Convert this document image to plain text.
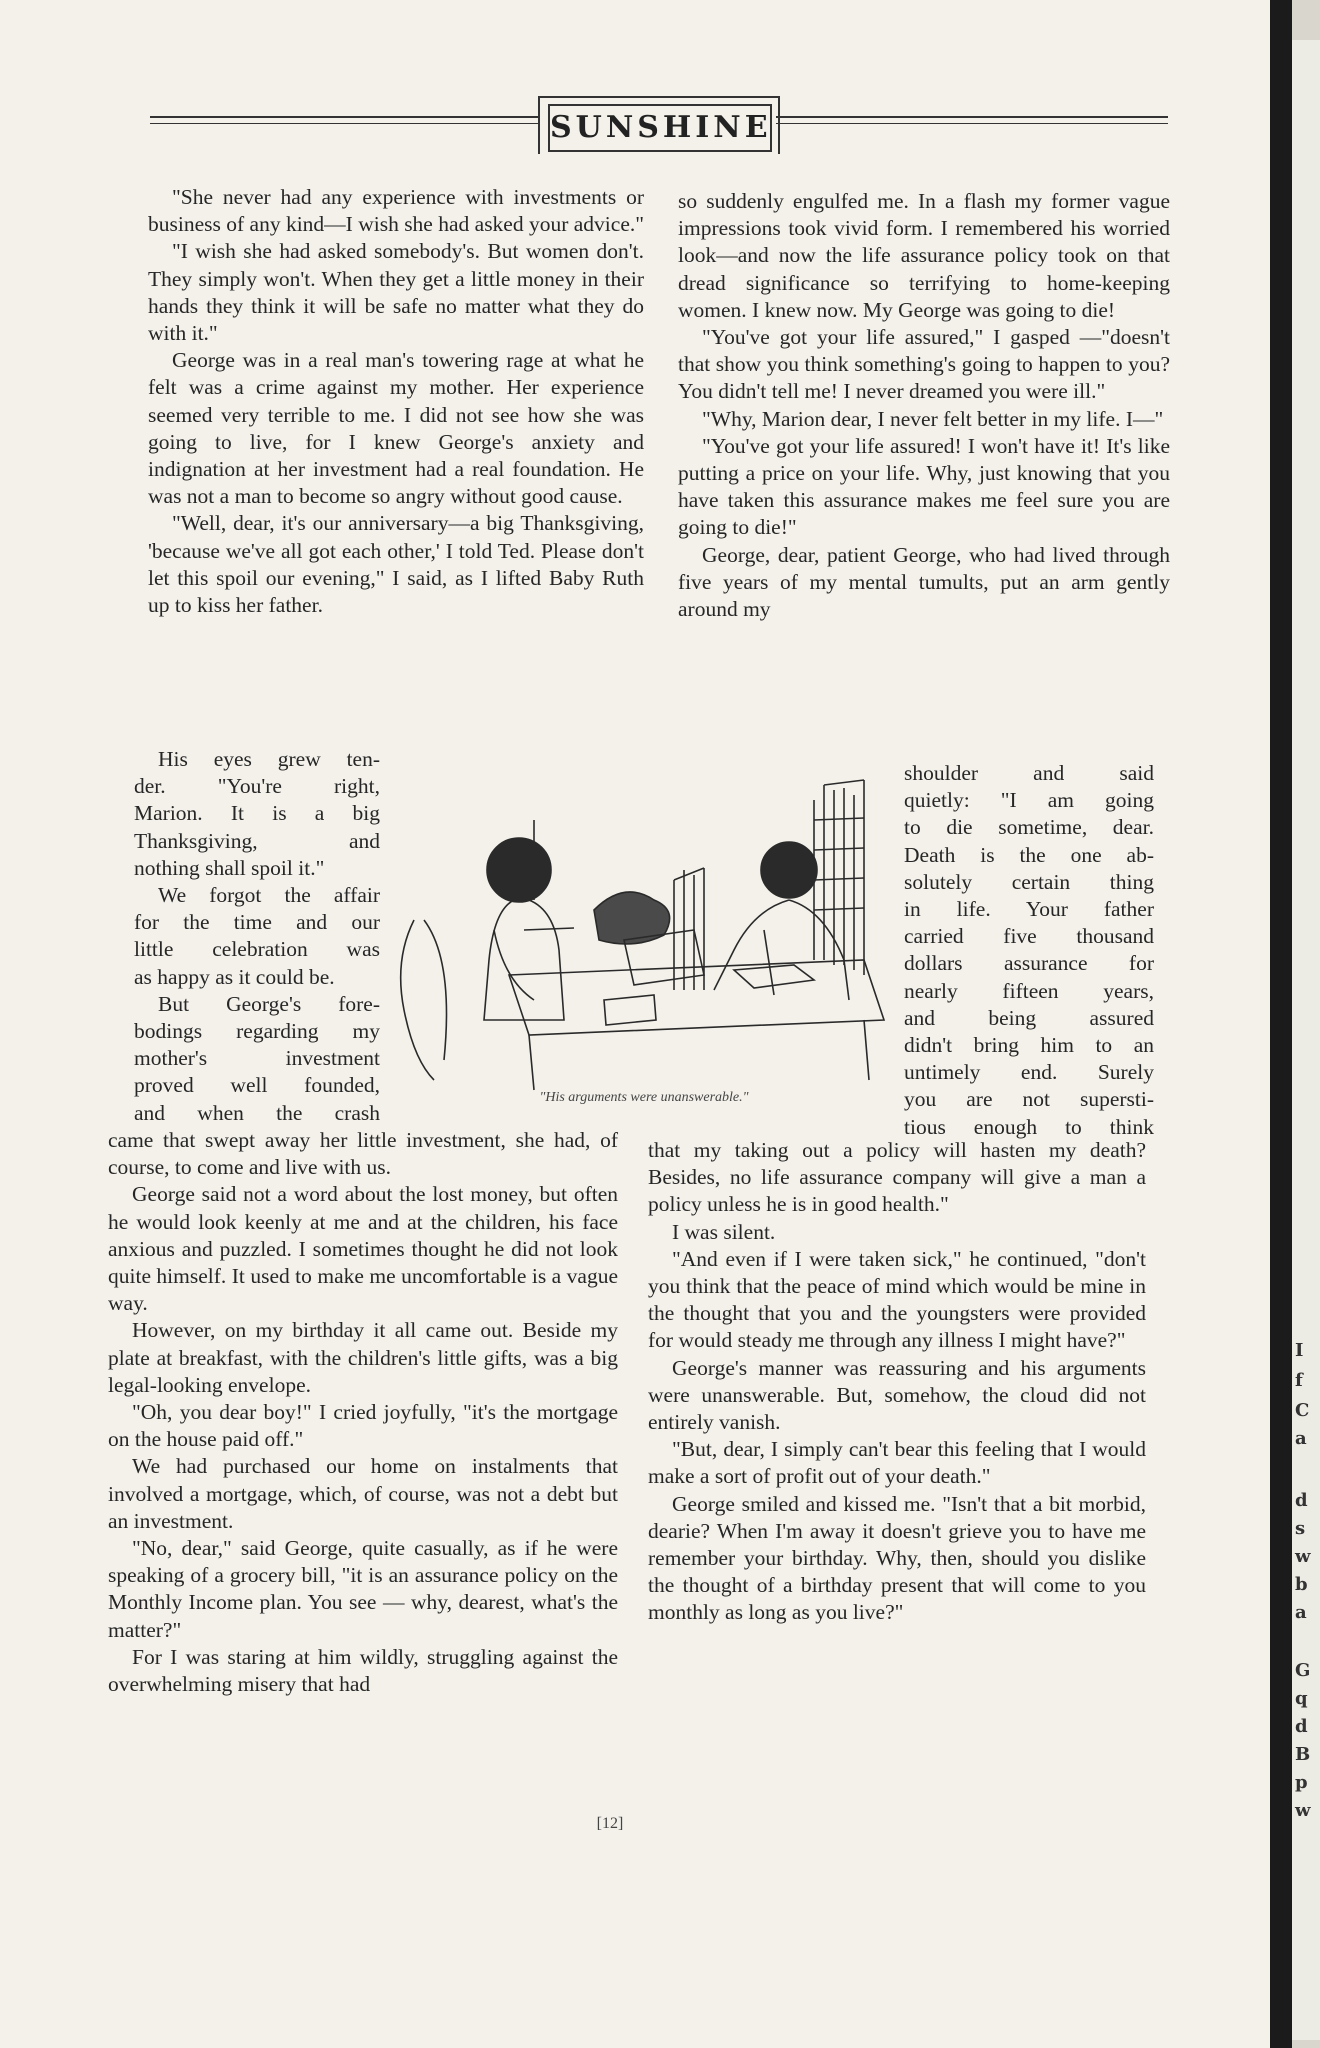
SUNSHINE

"She never had any experience with investments or business of any kind—I wish she had asked your advice."

"I wish she had asked somebody's. But women don't. They simply won't. When they get a little money in their hands they think it will be safe no matter what they do with it."

George was in a real man's towering rage at what he felt was a crime against my mother. Her experience seemed very terrible to me. I did not see how she was going to live, for I knew George's anxiety and indignation at her investment had a real foundation. He was not a man to become so angry without good cause.

"Well, dear, it's our anniversary—a big Thanksgiving, 'because we've all got each other,' I told Ted. Please don't let this spoil our evening," I said, as I lifted Baby Ruth up to kiss her father.

His eyes grew ten-
der. "You're right,
Marion. It is a big
Thanksgiving, and
nothing shall spoil it."
We forgot the affair
for the time and our
little celebration was
as happy as it could be.
But George's fore-
bodings regarding my
mother's investment
proved well founded,
and when the crash
"His arguments were unanswerable."

came that swept away her little investment, she had, of course, to come and live with us.

George said not a word about the lost money, but often he would look keenly at me and at the children, his face anxious and puzzled. I sometimes thought he did not look quite himself. It used to make me uncomfortable is a vague way.

However, on my birthday it all came out. Beside my plate at breakfast, with the children's little gifts, was a big legal-looking envelope.

"Oh, you dear boy!" I cried joyfully, "it's the mortgage on the house paid off."

We had purchased our home on instalments that involved a mortgage, which, of course, was not a debt but an investment.

"No, dear," said George, quite casually, as if he were speaking of a grocery bill, "it is an assurance policy on the Monthly Income plan. You see — why, dearest, what's the matter?"

For I was staring at him wildly, struggling against the overwhelming misery that had

so suddenly engulfed me. In a flash my former vague impressions took vivid form. I remembered his worried look—and now the life assurance policy took on that dread significance so terrifying to home-keeping women. I knew now. My George was going to die!

"You've got your life assured," I gasped —"doesn't that show you think something's going to happen to you? You didn't tell me! I never dreamed you were ill."

"Why, Marion dear, I never felt better in my life. I—"

"You've got your life assured! I won't have it! It's like putting a price on your life. Why, just knowing that you have taken this assurance makes me feel sure you are going to die!"

George, dear, patient George, who had lived through five years of my mental tumults, put an arm gently around my

shoulder and said
quietly: "I am going
to die sometime, dear.
Death is the one ab-
solutely certain thing
in life. Your father
carried five thousand
dollars assurance for
nearly fifteen years,
and being assured
didn't bring him to an
untimely end. Surely
you are not supersti-
tious enough to think

that my taking out a policy will hasten my death? Besides, no life assurance company will give a man a policy unless he is in good health."

I was silent.

"And even if I were taken sick," he continued, "don't you think that the peace of mind which would be mine in the thought that you and the youngsters were provided for would steady me through any illness I might have?"

George's manner was reassuring and his arguments were unanswerable. But, somehow, the cloud did not entirely vanish.

"But, dear, I simply can't bear this feeling that I would make a sort of profit out of your death."

George smiled and kissed me. "Isn't that a bit morbid, dearie? When I'm away it doesn't grieve you to have me remember your birthday. Why, then, should you dislike the thought of a birthday present that will come to you monthly as long as you live?"

[12]
I
f
C
a
d
s
w
b
a
G
q
d
B
p
w
